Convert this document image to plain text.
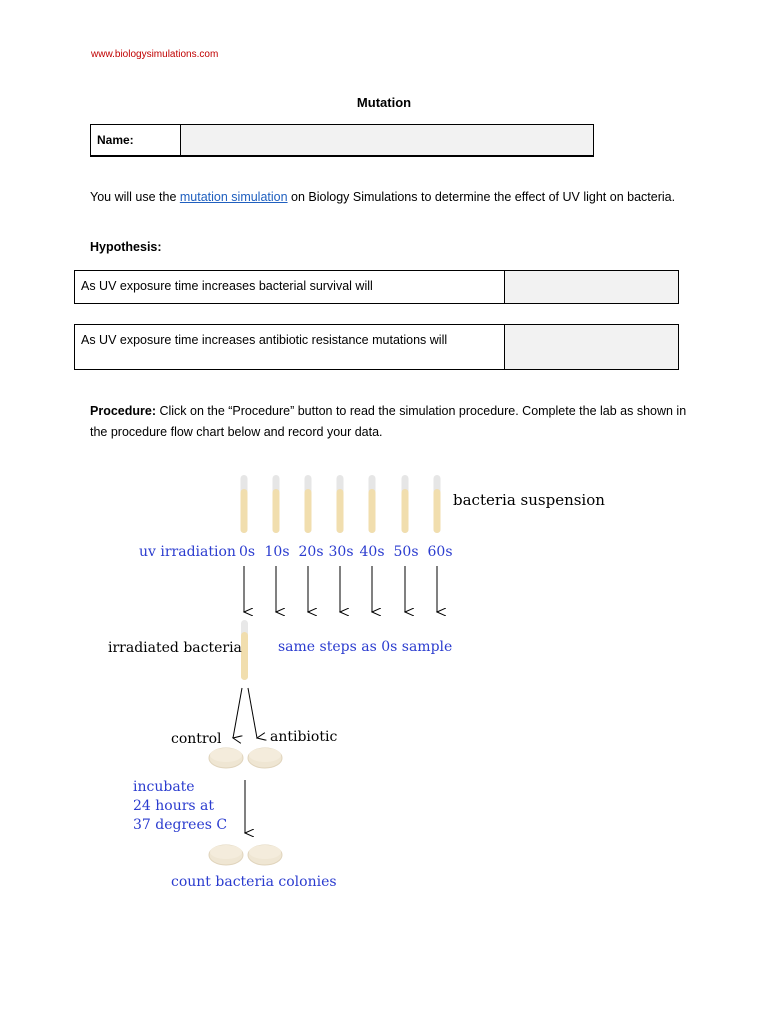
www.biologysimulations.com
Mutation
Name:
You will use the mutation simulation on Biology Simulations to determine the effect of UV light on bacteria.
Hypothesis:
As UV exposure time increases bacterial survival will
As UV exposure time increases antibiotic resistance mutations will
Procedure: Click on the “Procedure” button to read the simulation procedure. Complete the lab as shown in the procedure flow chart below and record your data.
bacteria suspension
uv irradiation 0s 10s 20s 30s 40s 50s 60s
irradiated bacteria	same steps as 0s sample
control	antibiotic
incubate
24 hours at
37 degrees C
count bacteria colonies
